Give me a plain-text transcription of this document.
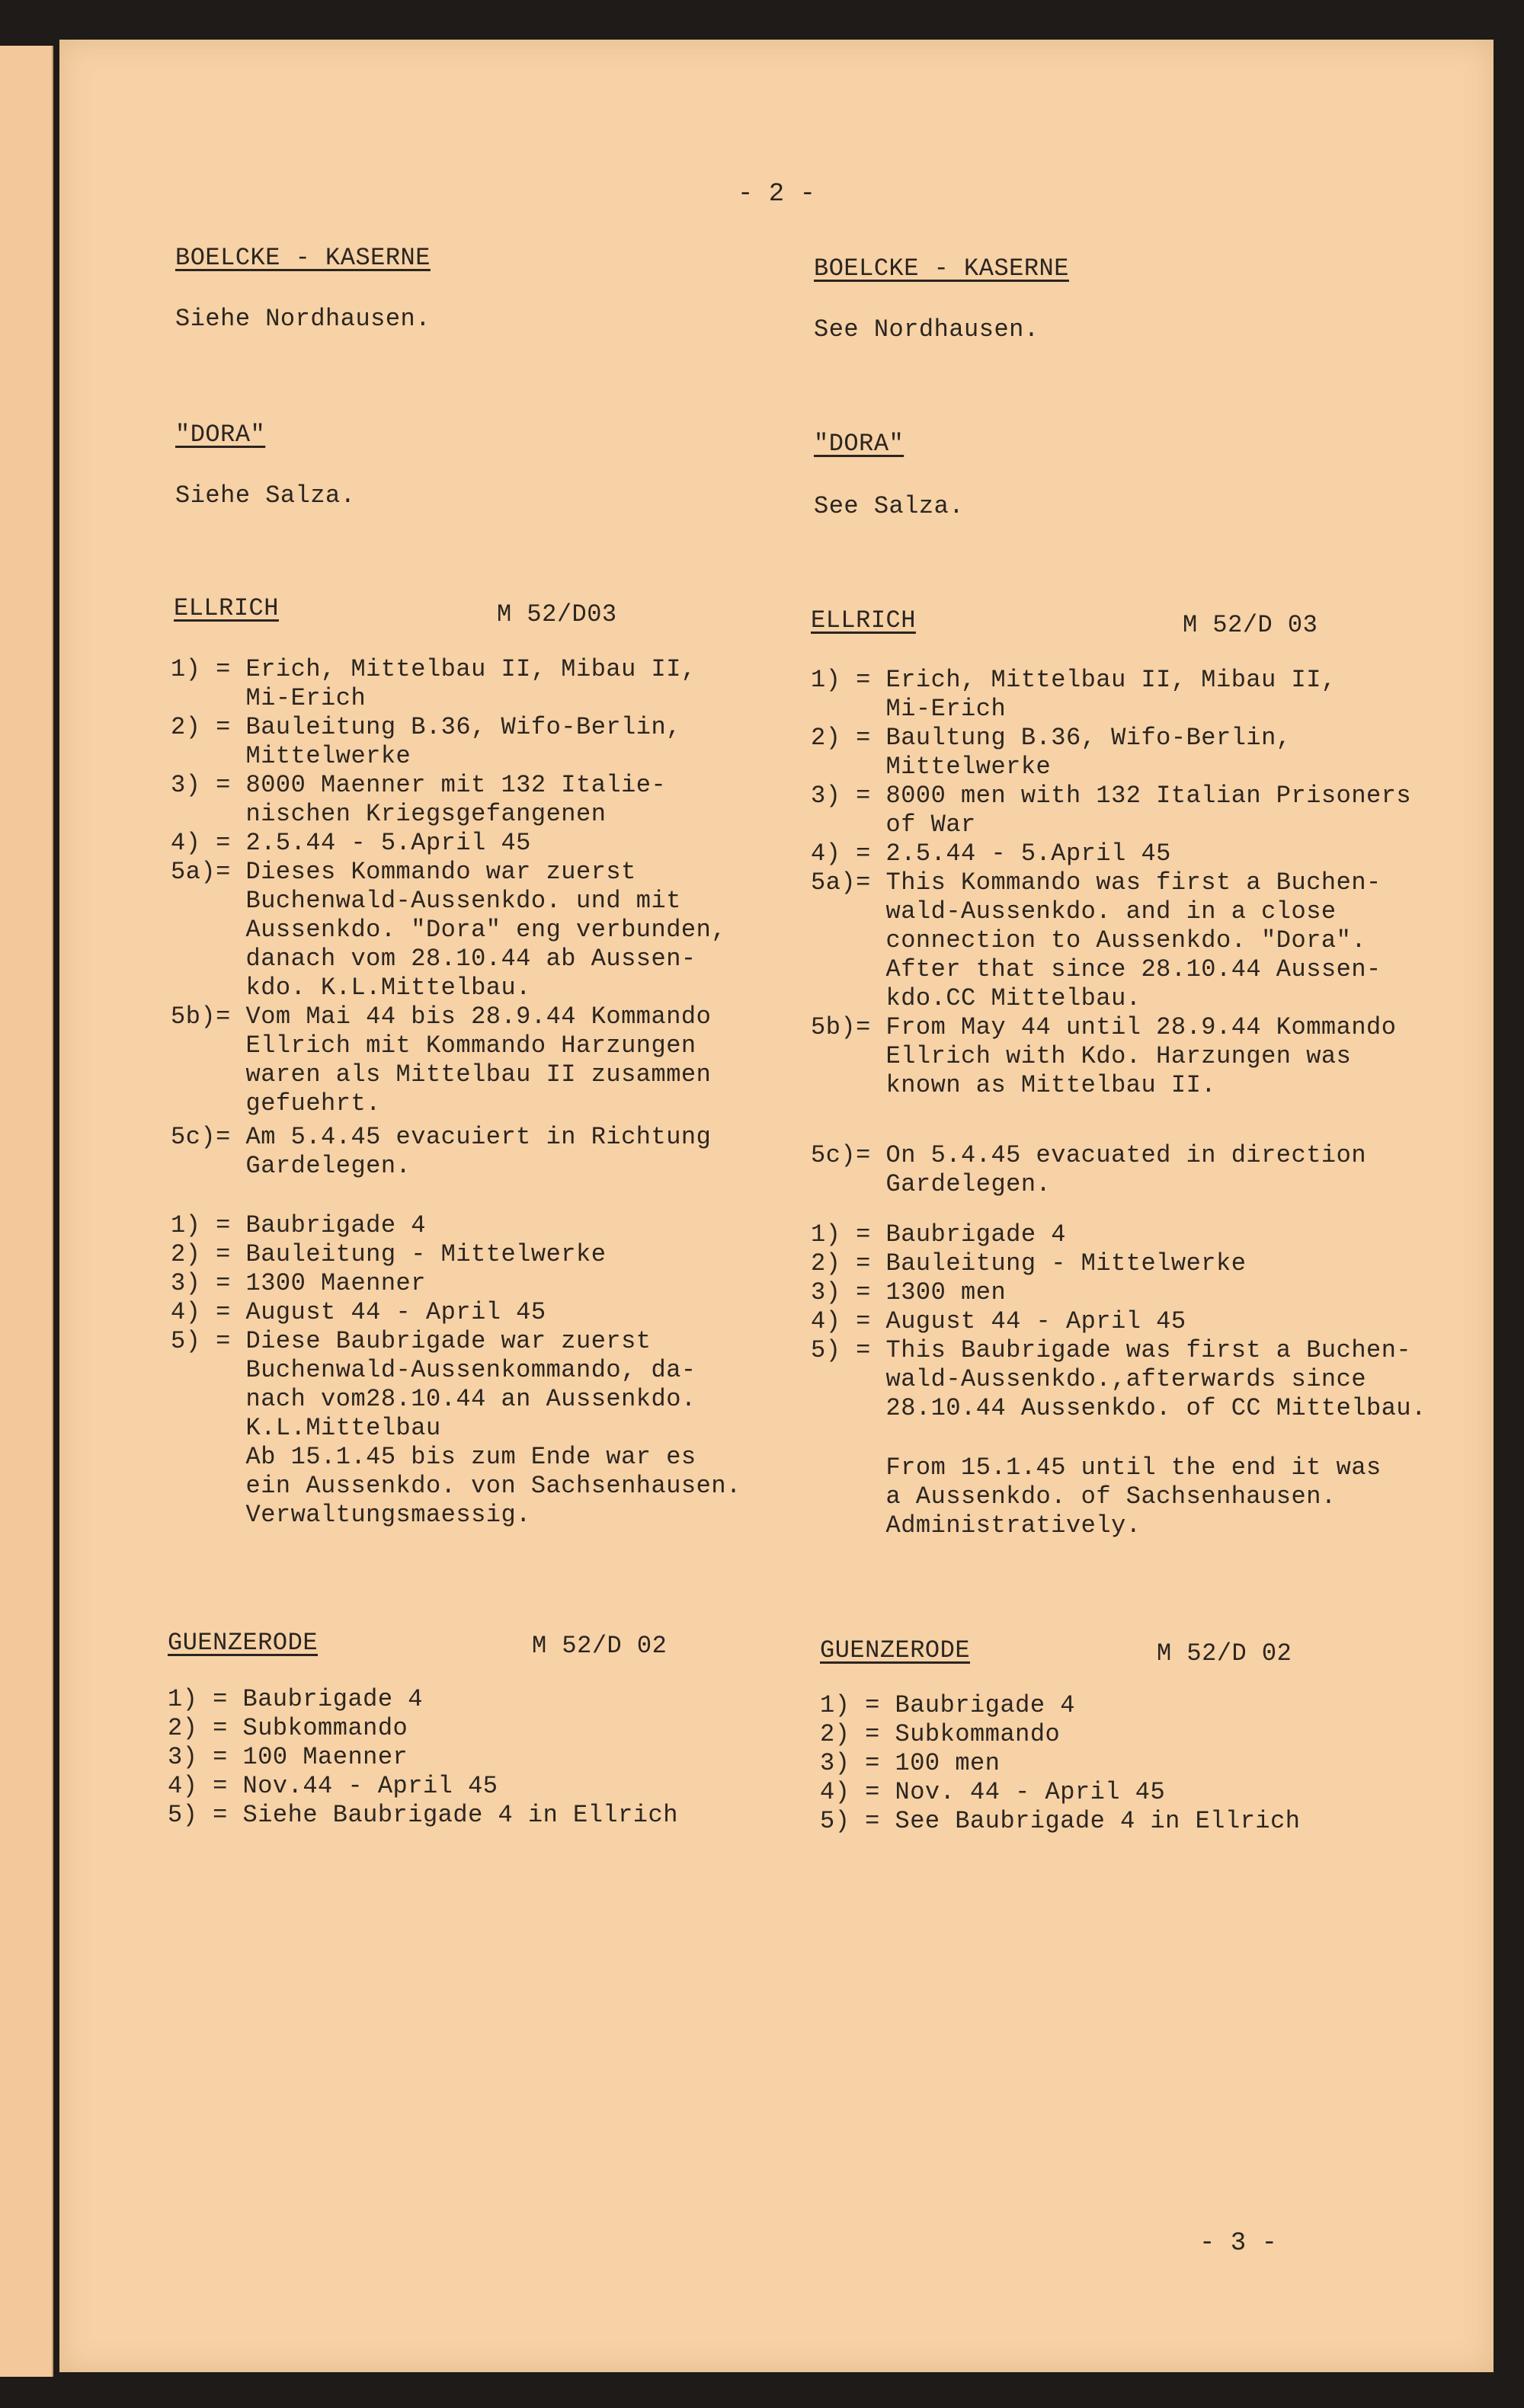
- 2 -
BOELCKE - KASERNE
Siehe Nordhausen.
"DORA"
Siehe Salza.
ELLRICH	M 52/D03
1) = Erich, Mittelbau II, Mibau II,
Mi-Erich
2) = Bauleitung B.36, Wifo-Berlin,
Mittelwerke
3) = 8000 Maenner mit 132 Italie-
nischen Kriegsgefangenen
4) = 2.5.44 - 5.April 45
5a)= Dieses Kommando war zuerst
Buchenwald-Aussenkdo. und mit
Aussenkdo. "Dora" eng verbunden,
danach vom 28.10.44 ab Aussen-
kdo. K.L.Mittelbau.
5b)= Vom Mai 44 bis 28.9.44 Kommando
Ellrich mit Kommando Harzungen
waren als Mittelbau II zusammen
gefuehrt.
5c)= Am 5.4.45 evacuiert in Richtung
Gardelegen.
1) = Baubrigade 4
2) = Bauleitung - Mittelwerke
3) = 1300 Maenner
4) = August 44 - April 45
5) = Diese Baubrigade war zuerst
Buchenwald-Aussenkommando, da-
nach vom28.10.44 an Aussenkdo.
K.L.Mittelbau
Ab 15.1.45 bis zum Ende war es
ein Aussenkdo. von Sachsenhausen.
Verwaltungsmaessig.
GUENZERODE	M 52/D 02
1) = Baubrigade 4
2) = Subkommando
3) = 100 Maenner
4) = Nov.44 - April 45
5) = Siehe Baubrigade 4 in Ellrich
BOELCKE - KASERNE
See Nordhausen.
"DORA"
See Salza.
ELLRICH	M 52/D 03
1) = Erich, Mittelbau II, Mibau II,
Mi-Erich
2) = Baultung B.36, Wifo-Berlin,
Mittelwerke
3) = 8000 men with 132 Italian Prisoners
of War
4) = 2.5.44 - 5.April 45
5a)= This Kommando was first a Buchen-
wald-Aussenkdo. and in a close
connection to Aussenkdo. "Dora".
After that since 28.10.44 Aussen-
kdo.CC Mittelbau.
5b)= From May 44 until 28.9.44 Kommando
Ellrich with Kdo. Harzungen was
known as Mittelbau II.
5c)= On 5.4.45 evacuated in direction
Gardelegen.
1) = Baubrigade 4
2) = Bauleitung - Mittelwerke
3) = 1300 men
4) = August 44 - April 45
5) = This Baubrigade was first a Buchen-
wald-Aussenkdo.,afterwards since
28.10.44 Aussenkdo. of CC Mittelbau.
From 15.1.45 until the end it was
a Aussenkdo. of Sachsenhausen.
Administratively.
GUENZERODE	M 52/D 02
1) = Baubrigade 4
2) = Subkommando
3) = 100 men
4) = Nov. 44 - April 45
5) = See Baubrigade 4 in Ellrich
- 3 -
